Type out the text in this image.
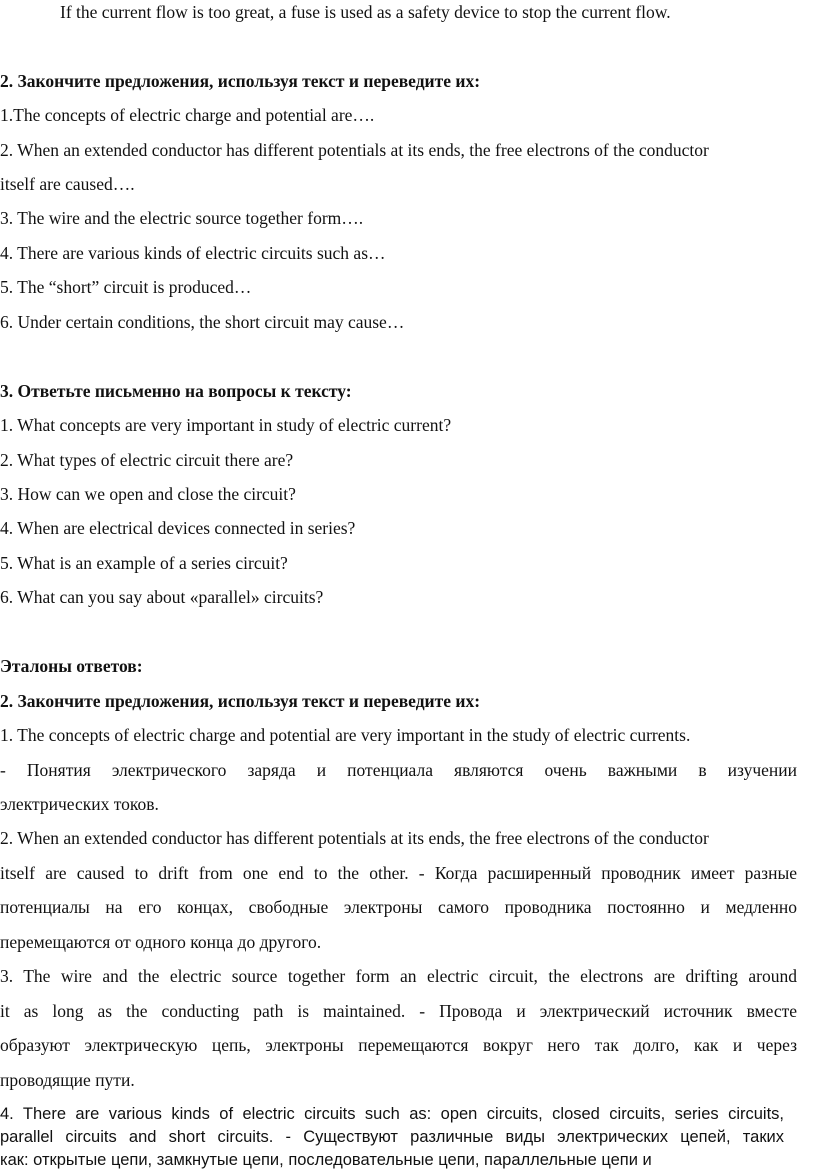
If the current flow is too great, a fuse is used as a safety device to stop the current flow.
2. Закончите предложения, используя текст и переведите их:
1.The concepts of electric charge and potential are….
2. When an extended conductor has different potentials at its ends, the free electrons of the conductor
itself are caused….
3. The wire and the electric source together form….
4. There are various kinds of electric circuits such as…
5. The “short” circuit is produced…
6. Under certain conditions, the short circuit may cause…
3. Ответьте письменно на вопросы к тексту:
1. What concepts are very important in study of electric current?
2. What types of electric circuit there are?
3. How can we open and close the circuit?
4. When are electrical devices connected in series?
5. What is an example of a series circuit?
6. What can you say about «parallel» circuits?
Эталоны ответов:
2. Закончите предложения, используя текст и переведите их:
1. The concepts of electric charge and potential are very important in the study of electric currents.
- Понятия электрического заряда и потенциала являются очень важными в изучении
электрических токов.
2. When an extended conductor has different potentials at its ends, the free electrons of the conductor
itself are caused to drift from one end to the other. - Когда расширенный проводник имеет разные
потенциалы на его концах, свободные электроны самого проводника постоянно и медленно
перемещаются от одного конца до другого.
3. The wire and the electric source together form an electric circuit, the electrons are drifting around
it as long as the conducting path is maintained. - Провода и электрический источник вместе
образуют электрическую цепь, электроны перемещаются вокруг него так долго, как и через
проводящие пути.
4. There are various kinds of electric circuits such as: open circuits, closed circuits, series circuits,
parallel circuits and short circuits. - Существуют различные виды электрических цепей, таких
как: открытые цепи, замкнутые цепи, последовательные цепи, параллельные цепи и
